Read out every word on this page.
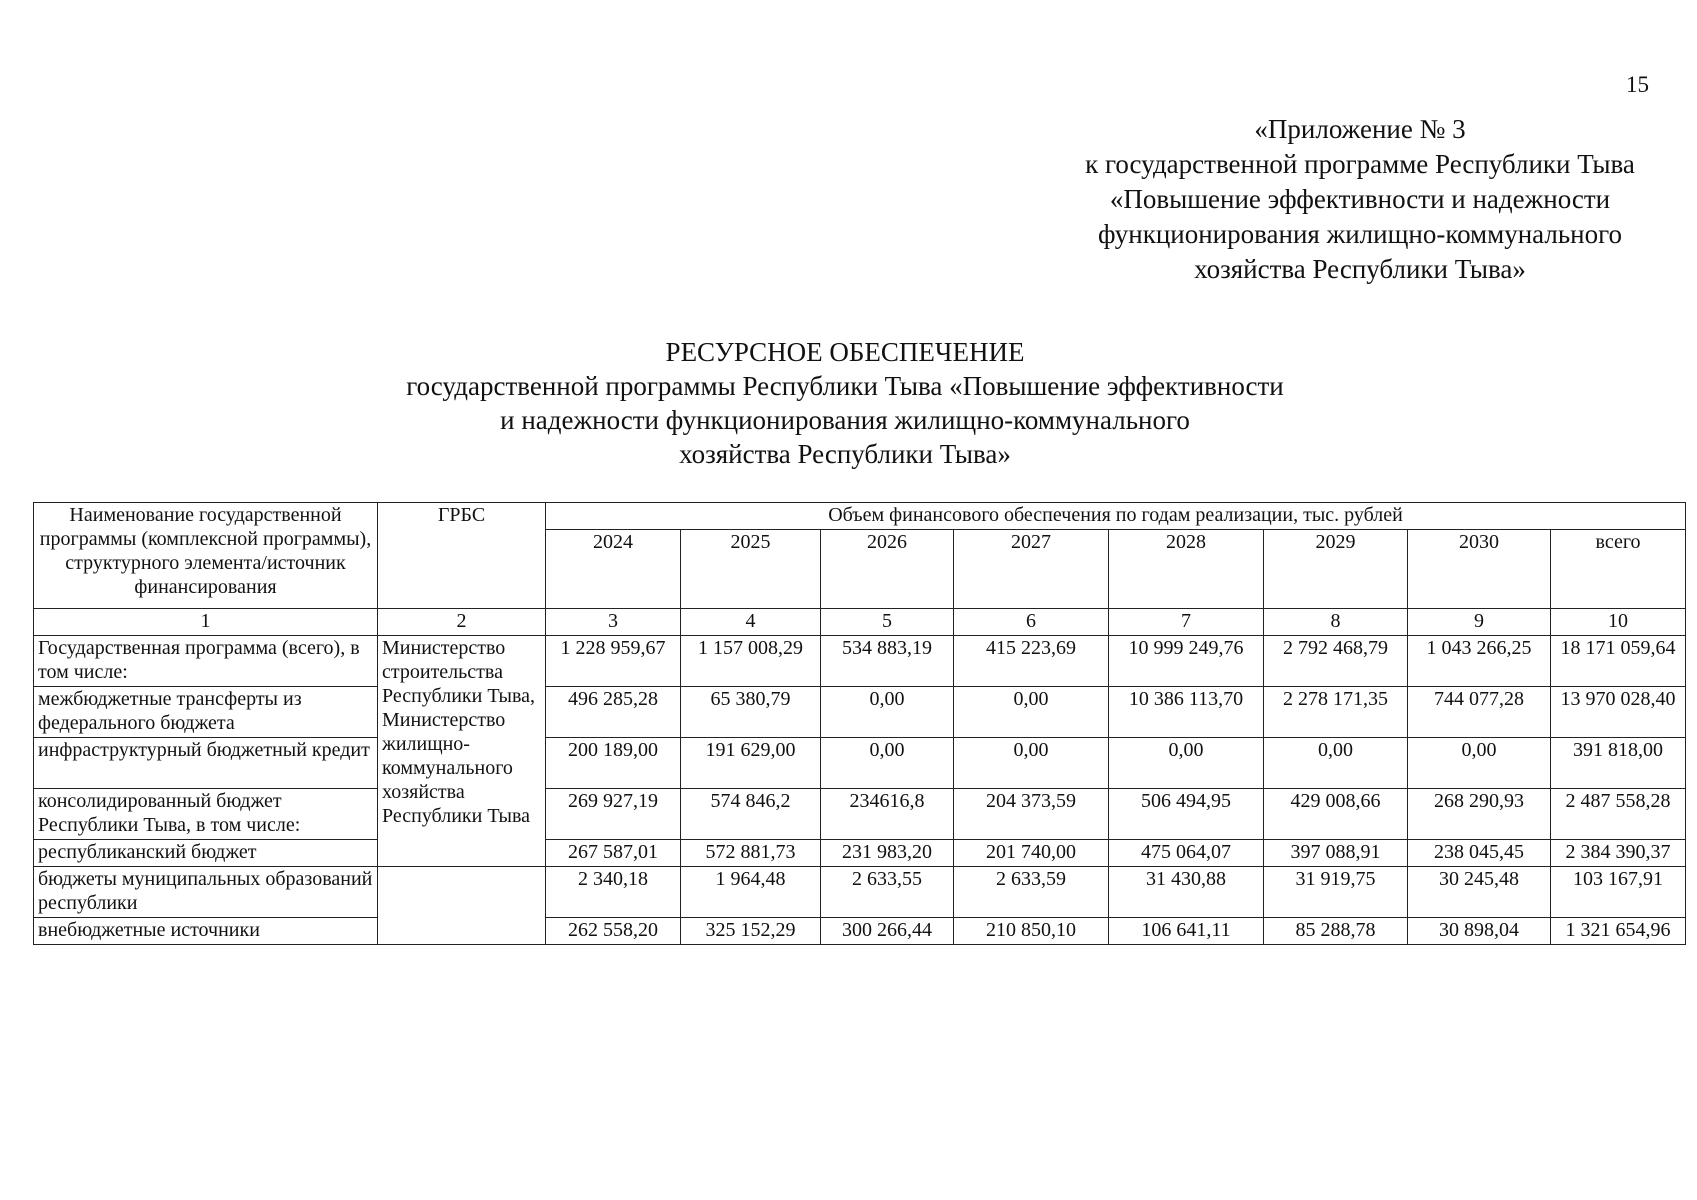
15
«Приложение № 3
к государственной программе Республики Тыва
«Повышение эффективности и надежности
функционирования жилищно-коммунального
хозяйства Республики Тыва»
РЕСУРСНОЕ ОБЕСПЕЧЕНИЕ
государственной программы Республики Тыва «Повышение эффективности
и надежности функционирования жилищно-коммунального
хозяйства Республики Тыва»
Наименование государственной программы (комплексной программы), структурного элемента/источник финансирования	ГРБС	Объем финансового обеспечения по годам реализации, тыс. рублей							
		2024	2025	2026	2027	2028	2029	2030	всего
1	2	3	4	5	6	7	8	9	10
Государственная программа (всего), в том числе:	Министерство строительства Республики Тыва, Министерство жилищно-коммунального хозяйства Республики Тыва	1 228 959,67	1 157 008,29	534 883,19	415 223,69	10 999 249,76	2 792 468,79	1 043 266,25	18 171 059,64
межбюджетные трансферты из федерального бюджета		496 285,28	65 380,79	0,00	0,00	10 386 113,70	2 278 171,35	744 077,28	13 970 028,40
инфраструктурный бюджетный кредит		200 189,00	191 629,00	0,00	0,00	0,00	0,00	0,00	391 818,00
консолидированный бюджет Республики Тыва, в том числе:		269 927,19	574 846,2	234616,8	204 373,59	506 494,95	429 008,66	268 290,93	2 487 558,28
республиканский бюджет		267 587,01	572 881,73	231 983,20	201 740,00	475 064,07	397 088,91	238 045,45	2 384 390,37
бюджеты муниципальных образований республики		2 340,18	1 964,48	2 633,55	2 633,59	31 430,88	31 919,75	30 245,48	103 167,91
внебюджетные источники		262 558,20	325 152,29	300 266,44	210 850,10	106 641,11	85 288,78	30 898,04	1 321 654,96
